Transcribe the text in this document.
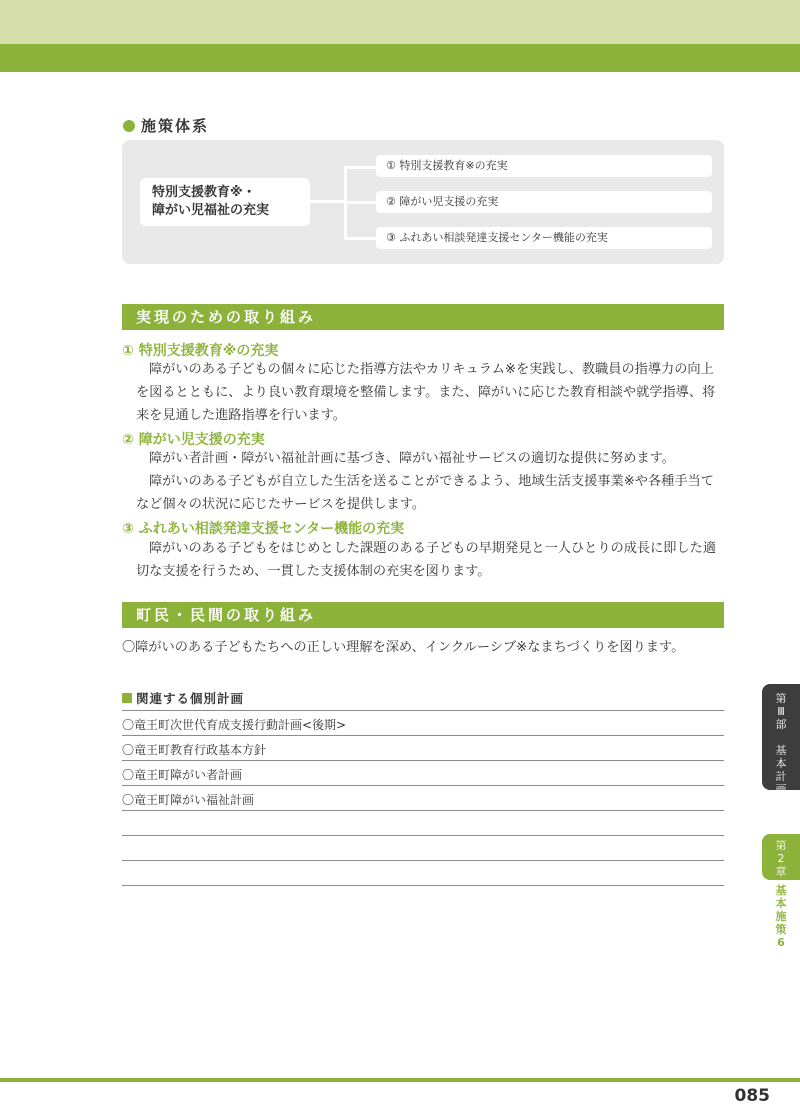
施策体系
特別支援教育※・
障がい児福祉の充実
① 特別支援教育※の充実
② 障がい児支援の充実
③ ふれあい相談発達支援センター機能の充実
実現のための取り組み
① 特別支援教育※の充実
障がいのある子どもの個々に応じた指導方法やカリキュラム※を実践し、教職員の指導力の向上を図るとともに、より良い教育環境を整備します。また、障がいに応じた教育相談や就学指導、将来を見通した進路指導を行います。
② 障がい児支援の充実
障がい者計画・障がい福祉計画に基づき、障がい福祉サービスの適切な提供に努めます。
障がいのある子どもが自立した生活を送ることができるよう、地域生活支援事業※や各種手当てなど個々の状況に応じたサービスを提供します。
③ ふれあい相談発達支援センター機能の充実
障がいのある子どもをはじめとした課題のある子どもの早期発見と一人ひとりの成長に即した適切な支援を行うため、一貫した支援体制の充実を図ります。
町民・民間の取り組み
〇障がいのある子どもたちへの正しい理解を深め、インクルーシブ※なまちづくりを図ります。
関連する個別計画
〇竜王町次世代育成支援行動計画<後期>
〇竜王町教育行政基本方針
〇竜王町障がい者計画
〇竜王町障がい福祉計画
第
Ⅲ
部

基
本
計
画
第
2
章
基
本
施
策
6
085
